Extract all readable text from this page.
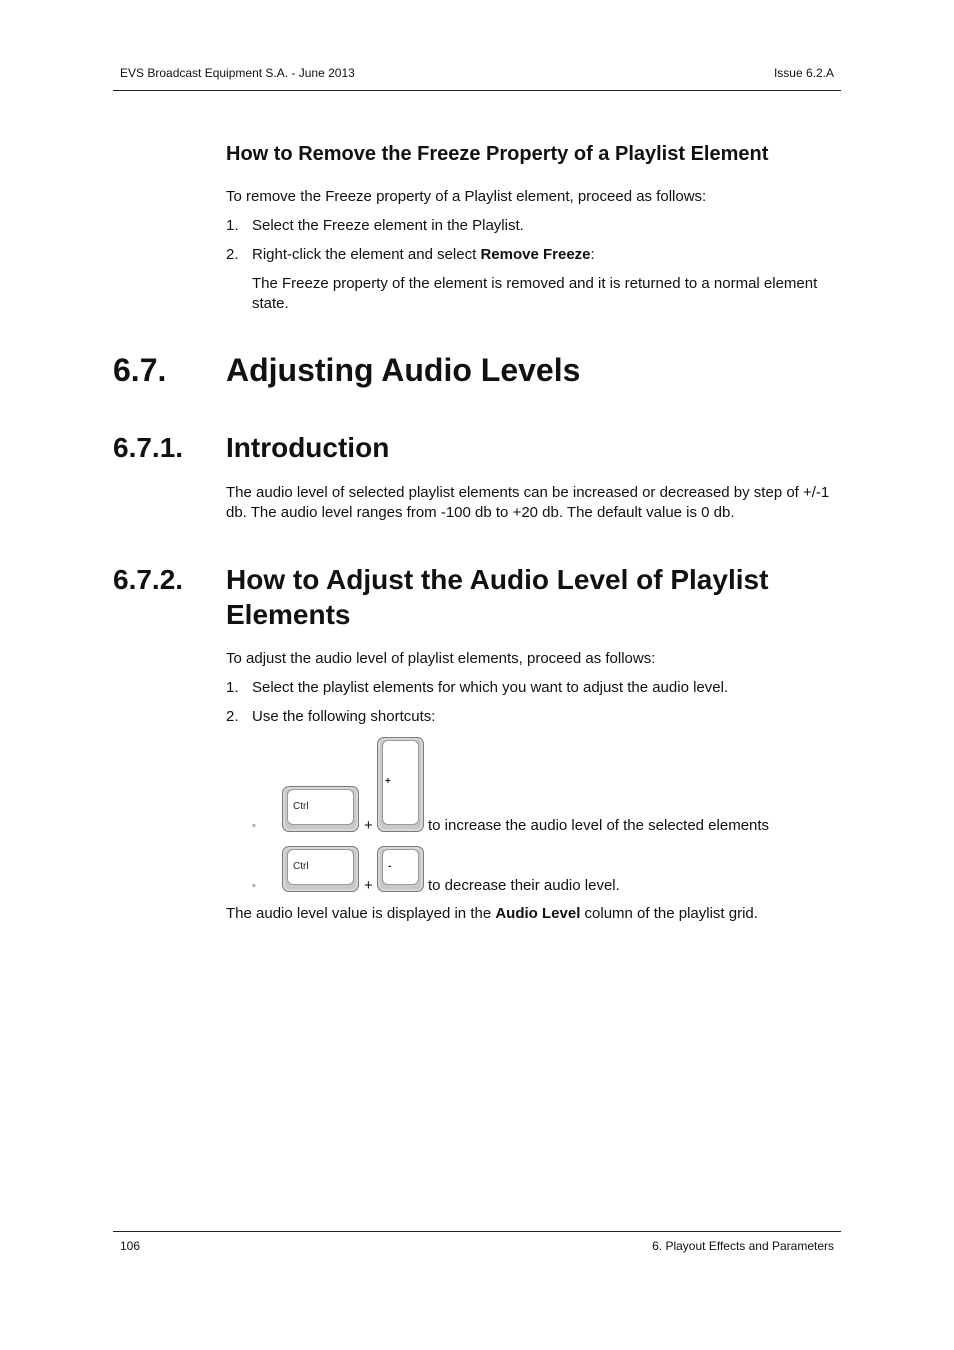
EVS Broadcast Equipment S.A. - June 2013	Issue 6.2.A
How to Remove the Freeze Property of a Playlist Element
To remove the Freeze property of a Playlist element, proceed as follows:
1. Select the Freeze element in the Playlist.
2. Right-click the element and select Remove Freeze:
The Freeze property of the element is removed and it is returned to a normal element state.
6.7. Adjusting Audio Levels
6.7.1. Introduction
The audio level of selected playlist elements can be increased or decreased by step of +/-1 db. The audio level ranges from -100 db to +20 db. The default value is 0 db.
6.7.2. How to Adjust the Audio Level of Playlist Elements
To adjust the audio level of playlist elements, proceed as follows:
1. Select the playlist elements for which you want to adjust the audio level.
2. Use the following shortcuts:
◦
Ctrl
+
+
to increase the audio level of the selected elements
◦
Ctrl
+
-
to decrease their audio level.
The audio level value is displayed in the Audio Level column of the playlist grid.
106	6. Playout Effects and Parameters
